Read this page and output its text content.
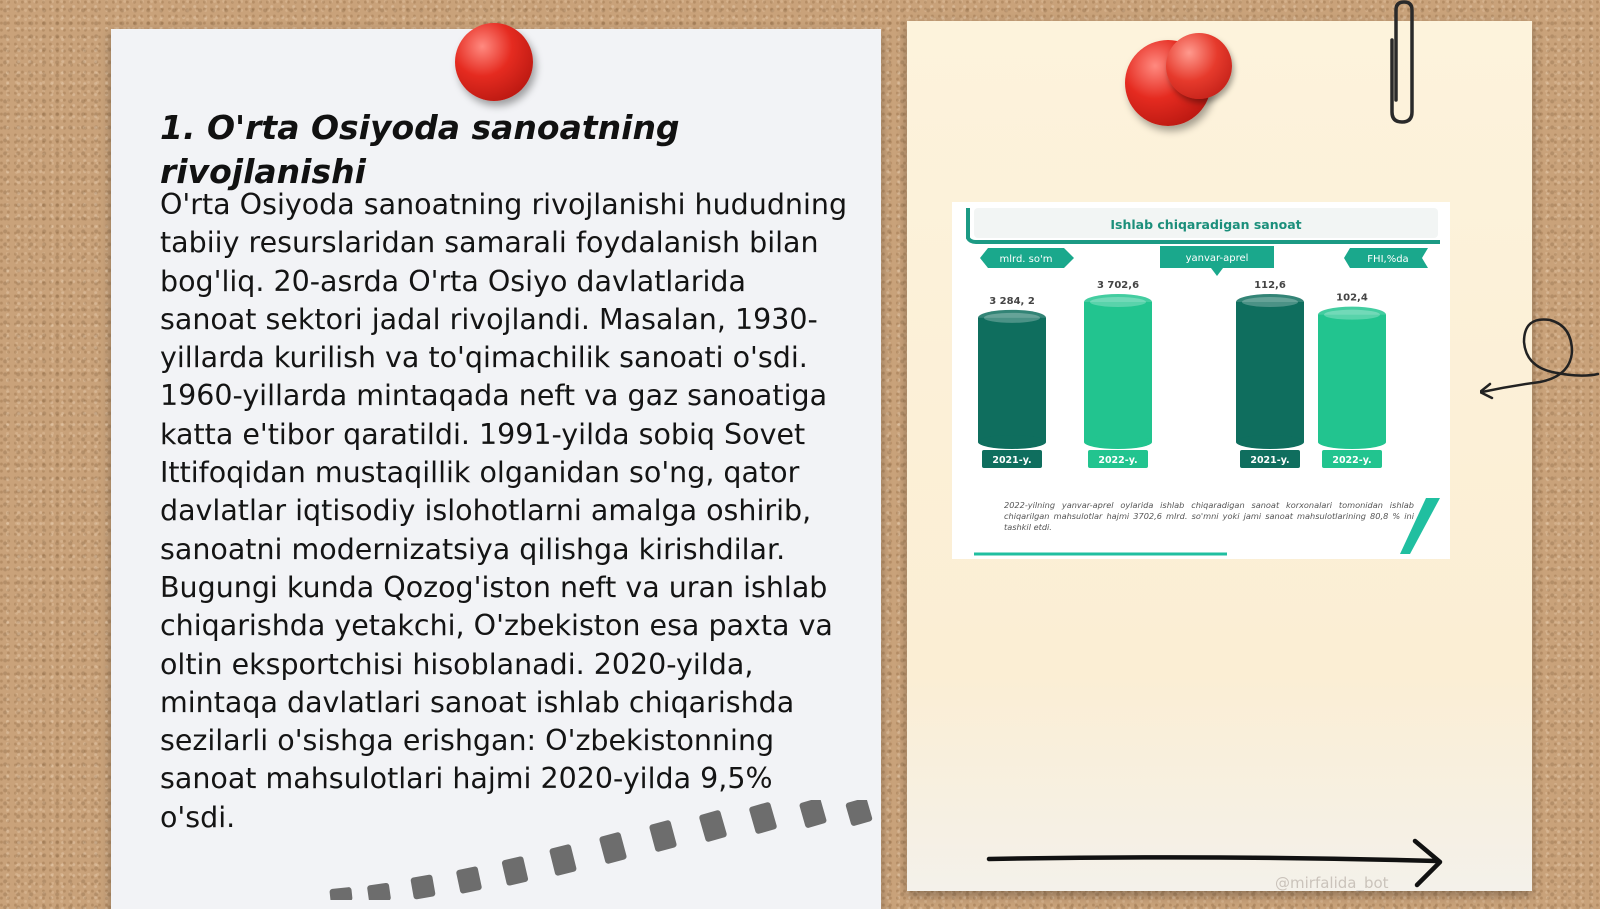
1. O'rta Osiyoda sanoatning rivojlanishi

O'rta Osiyoda sanoatning rivojlanishi hududning tabiiy resurslaridan samarali foydalanish bilan bog'liq. 20-asrda O'rta Osiyo davlatlarida sanoat sektori jadal rivojlandi. Masalan, 1930-yillarda kurilish va to'qimachilik sanoati o'sdi. 1960-yillarda mintaqada neft va gaz sanoatiga katta e'tibor qaratildi. 1991-yilda sobiq Sovet Ittifoqidan mustaqillik olganidan so'ng, qator davlatlar iqtisodiy islohotlarni amalga oshirib, sanoatni modernizatsiya qilishga kirishdilar. Bugungi kunda Qozog'iston neft va uran ishlab chiqarishda yetakchi, O'zbekiston esa paxta va oltin eksportchisi hisoblanadi. 2020-yilda, mintaqa davlatlari sanoat ishlab chiqarishda sezilarli o'sishga erishgan: O'zbekistonning sanoat mahsulotlari hajmi 2020-yilda 9,5% o'sdi.

Ishlab chiqaradigan sanoat
mlrd. so'm	yanvar-aprel	FHI,%da
3 284, 2
2021-y.
3 702,6
2022-y.
112,6
2021-y.
102,4
2022-y.
2022-yilning yanvar-aprel oylarida ishlab chiqaradigan sanoat korxonalari tomonidan ishlab chiqarilgan mahsulotlar hajmi 3702,6 mlrd. so'mni yoki jami sanoat mahsulotlarining 80,8 % ini tashkil etdi.
@mirfalida_bot
